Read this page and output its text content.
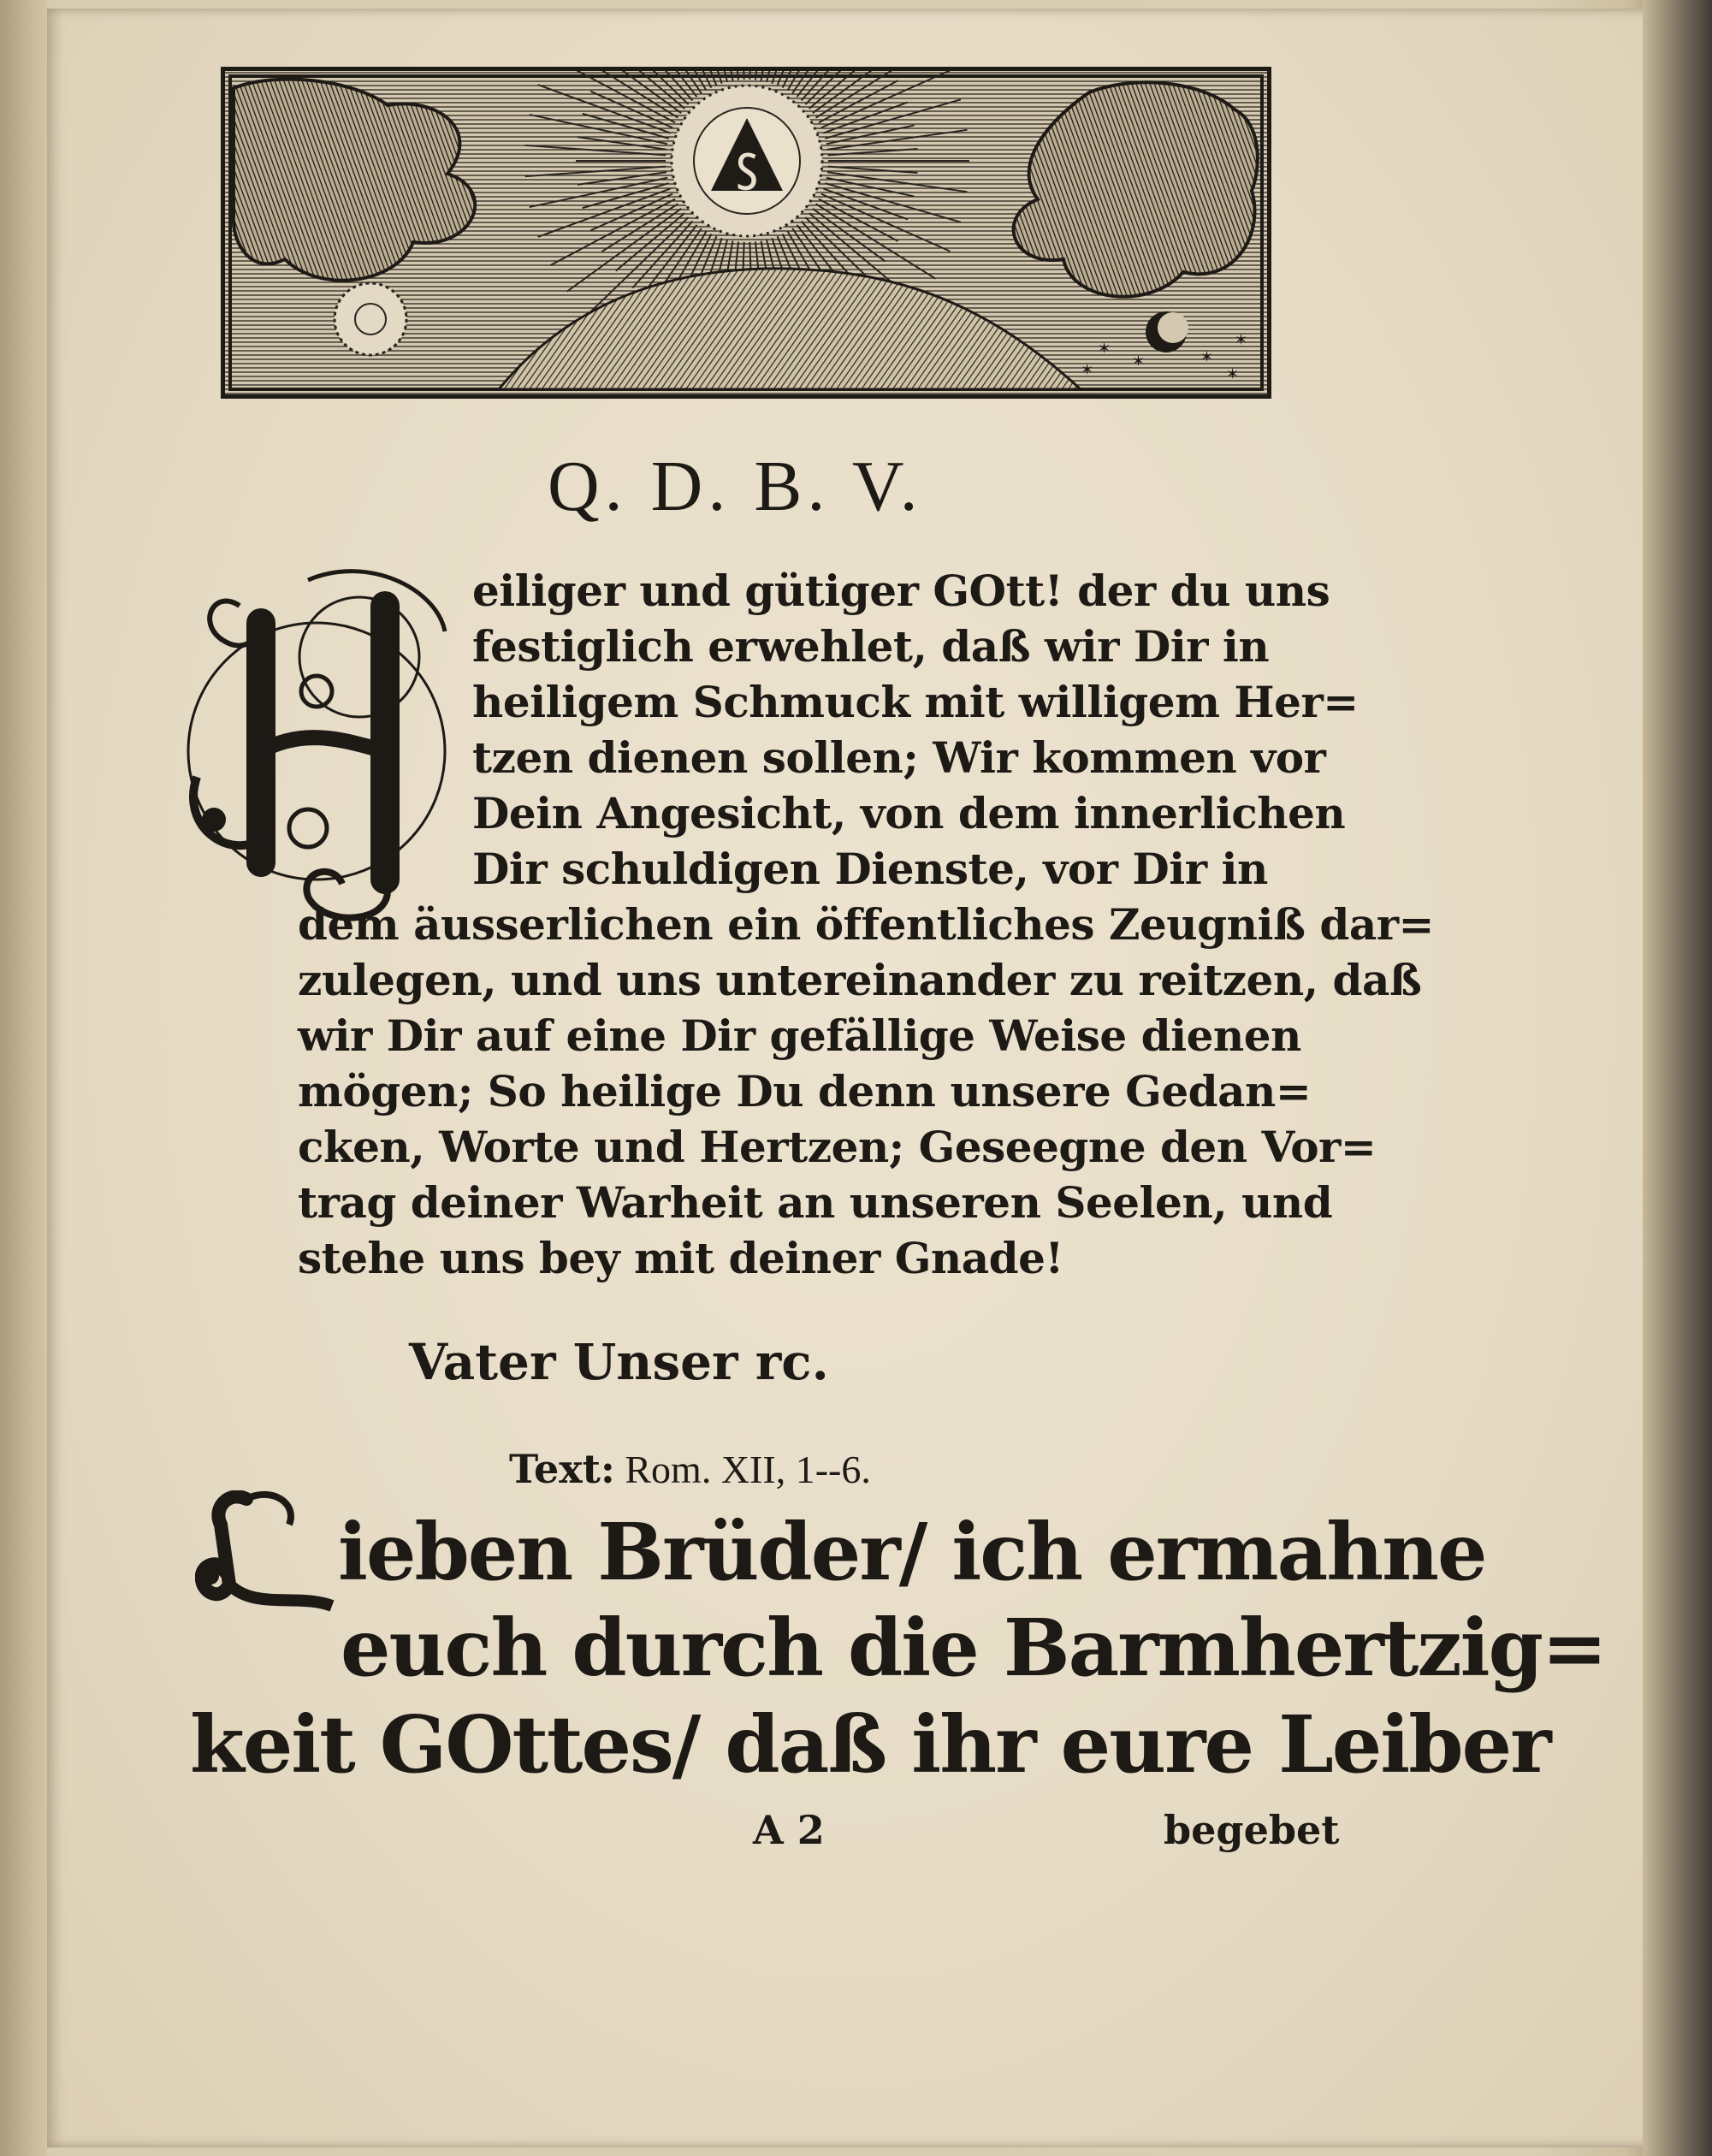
Ꚃ
✶
✶	✶
✶
✶
✶
Q. D. B. V.
eiliger und gütiger GOtt! der du uns
festiglich erwehlet, daß wir Dir in
heiligem Schmuck mit willigem Her=
tzen dienen sollen; Wir kommen vor
Dein Angesicht, von dem innerlichen
Dir schuldigen Dienste, vor Dir in
dem äusserlichen ein öffentliches Zeugniß dar=
zulegen, und uns untereinander zu reitzen, daß
wir Dir auf eine Dir gefällige Weise dienen
mögen; So heilige Du denn unsere Gedan=
cken, Worte und Hertzen; Geseegne den Vor=
trag deiner Warheit an unseren Seelen, und
stehe uns bey mit deiner Gnade!
Vater Unser rc.
Text: Rom. XII, 1--6.
ieben Brüder/ ich ermahne
euch durch die Barmhertzig=
keit GOttes/ daß ihr eure Leiber
A 2	begebet
